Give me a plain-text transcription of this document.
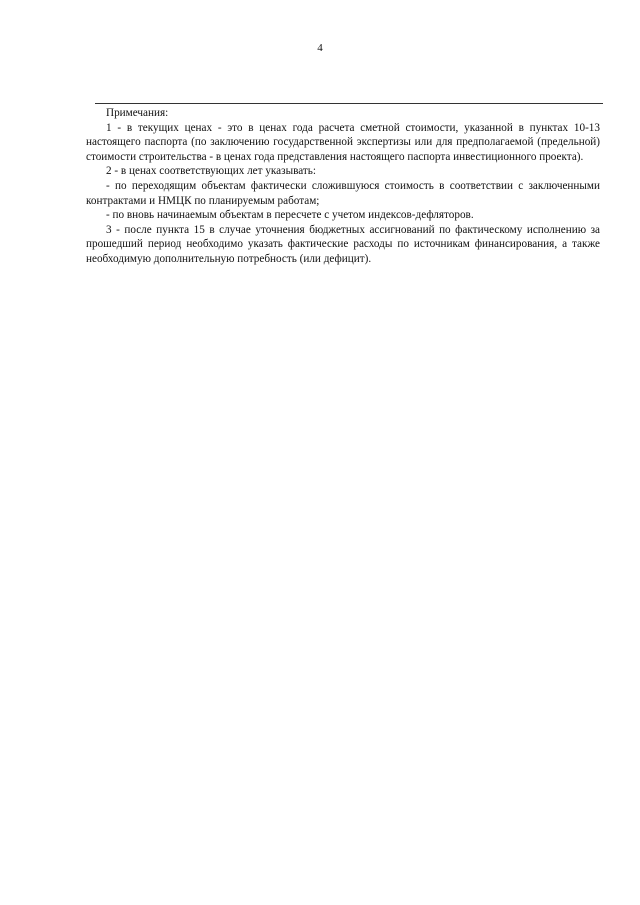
4

Примечания:

1 - в текущих ценах - это в ценах года расчета сметной стоимости, указанной в пунктах 10-13 настоящего паспорта (по заключению государственной экспертизы или для предполагаемой (предельной) стоимости строительства - в ценах года представления настоящего паспорта инвестиционного проекта).

2 - в ценах соответствующих лет указывать:

- по переходящим объектам фактически сложившуюся стоимость в соответствии с заключенными контрактами и НМЦК по планируемым работам;

- по вновь начинаемым объектам в пересчете с учетом индексов-дефляторов.

3 - после пункта 15 в случае уточнения бюджетных ассигнований по фактическому исполнению за прошедший период необходимо указать фактические расходы по источникам финансирования, а также необходимую дополнительную потребность (или дефицит).
